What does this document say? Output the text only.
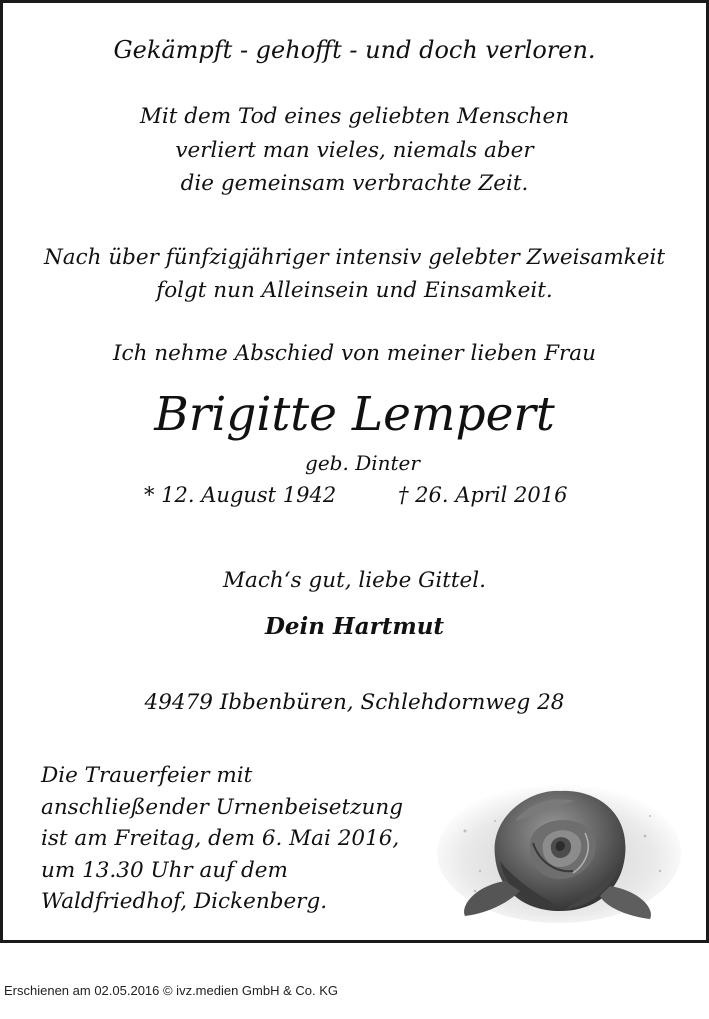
Gekämpft - gehofft - und doch verloren.
Mit dem Tod eines geliebten Menschen
verliert man vieles, niemals aber
die gemeinsam verbrachte Zeit.
Nach über fünfzigjähriger intensiv gelebter Zweisamkeit
folgt nun Alleinsein und Einsamkeit.
Ich nehme Abschied von meiner lieben Frau
Brigitte Lempert
geb. Dinter
* 12. August 1942	† 26. April 2016
Mach‘s gut, liebe Gittel.
Dein Hartmut
49479 Ibbenbüren, Schlehdornweg 28
Die Trauerfeier mit
anschließender Urnenbeisetzung
ist am Freitag, dem 6. Mai 2016,
um 13.30 Uhr auf dem
Waldfriedhof, Dickenberg.
Erschienen am 02.05.2016 © ivz.medien GmbH & Co. KG
